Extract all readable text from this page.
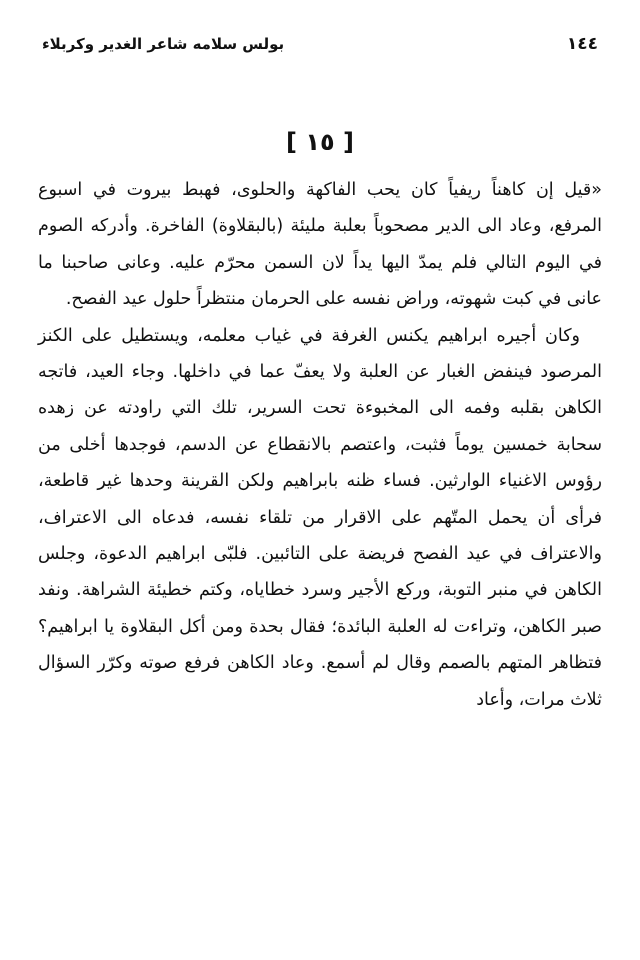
١٤٤
بولس سلامه شاعر الغدير وكربلاء
[ ١٥ ]

«قيل إن كاهناً ريفياً كان يحب الفاكهة والحلوى، فهبط بيروت في اسبوع المرفع، وعاد الى الدير مصحوباً بعلبة مليئة (بالبقلاوة) الفاخرة. وأدركه الصوم في اليوم التالي فلم يمدّ اليها يداً لان السمن محرّم عليه. وعانى صاحبنا ما عانى في كبت شهوته، وراض نفسه على الحرمان منتظراً حلول عيد الفصح.

وكان أجيره ابراهيم يكنس الغرفة في غياب معلمه، ويستطيل على الكنز المرصود فينفض الغبار عن العلبة ولا يعفّ عما في داخلها. وجاء العيد، فاتجه الكاهن بقلبه وفمه الى المخبوءة تحت السرير، تلك التي راودته عن زهده سحابة خمسين يوماً فثبت، واعتصم بالانقطاع عن الدسم، فوجدها أخلى من رؤوس الاغنياء الوارثين. فساء ظنه بابراهيم ولكن القرينة وحدها غير قاطعة، فرأى أن يحمل المتّهم على الاقرار من تلقاء نفسه، فدعاه الى الاعتراف، والاعتراف في عيد الفصح فريضة على التائبين. فلبّى ابراهيم الدعوة، وجلس الكاهن في منبر التوبة، وركع الأجير وسرد خطاياه، وكتم خطيئة الشراهة. ونفد صبر الكاهن، وتراءت له العلبة البائدة؛ فقال بحدة ومن أكل البقلاوة يا ابراهيم؟ فتظاهر المتهم بالصمم وقال لم أسمع. وعاد الكاهن فرفع صوته وكرّر السؤال ثلاث مرات، وأعاد
